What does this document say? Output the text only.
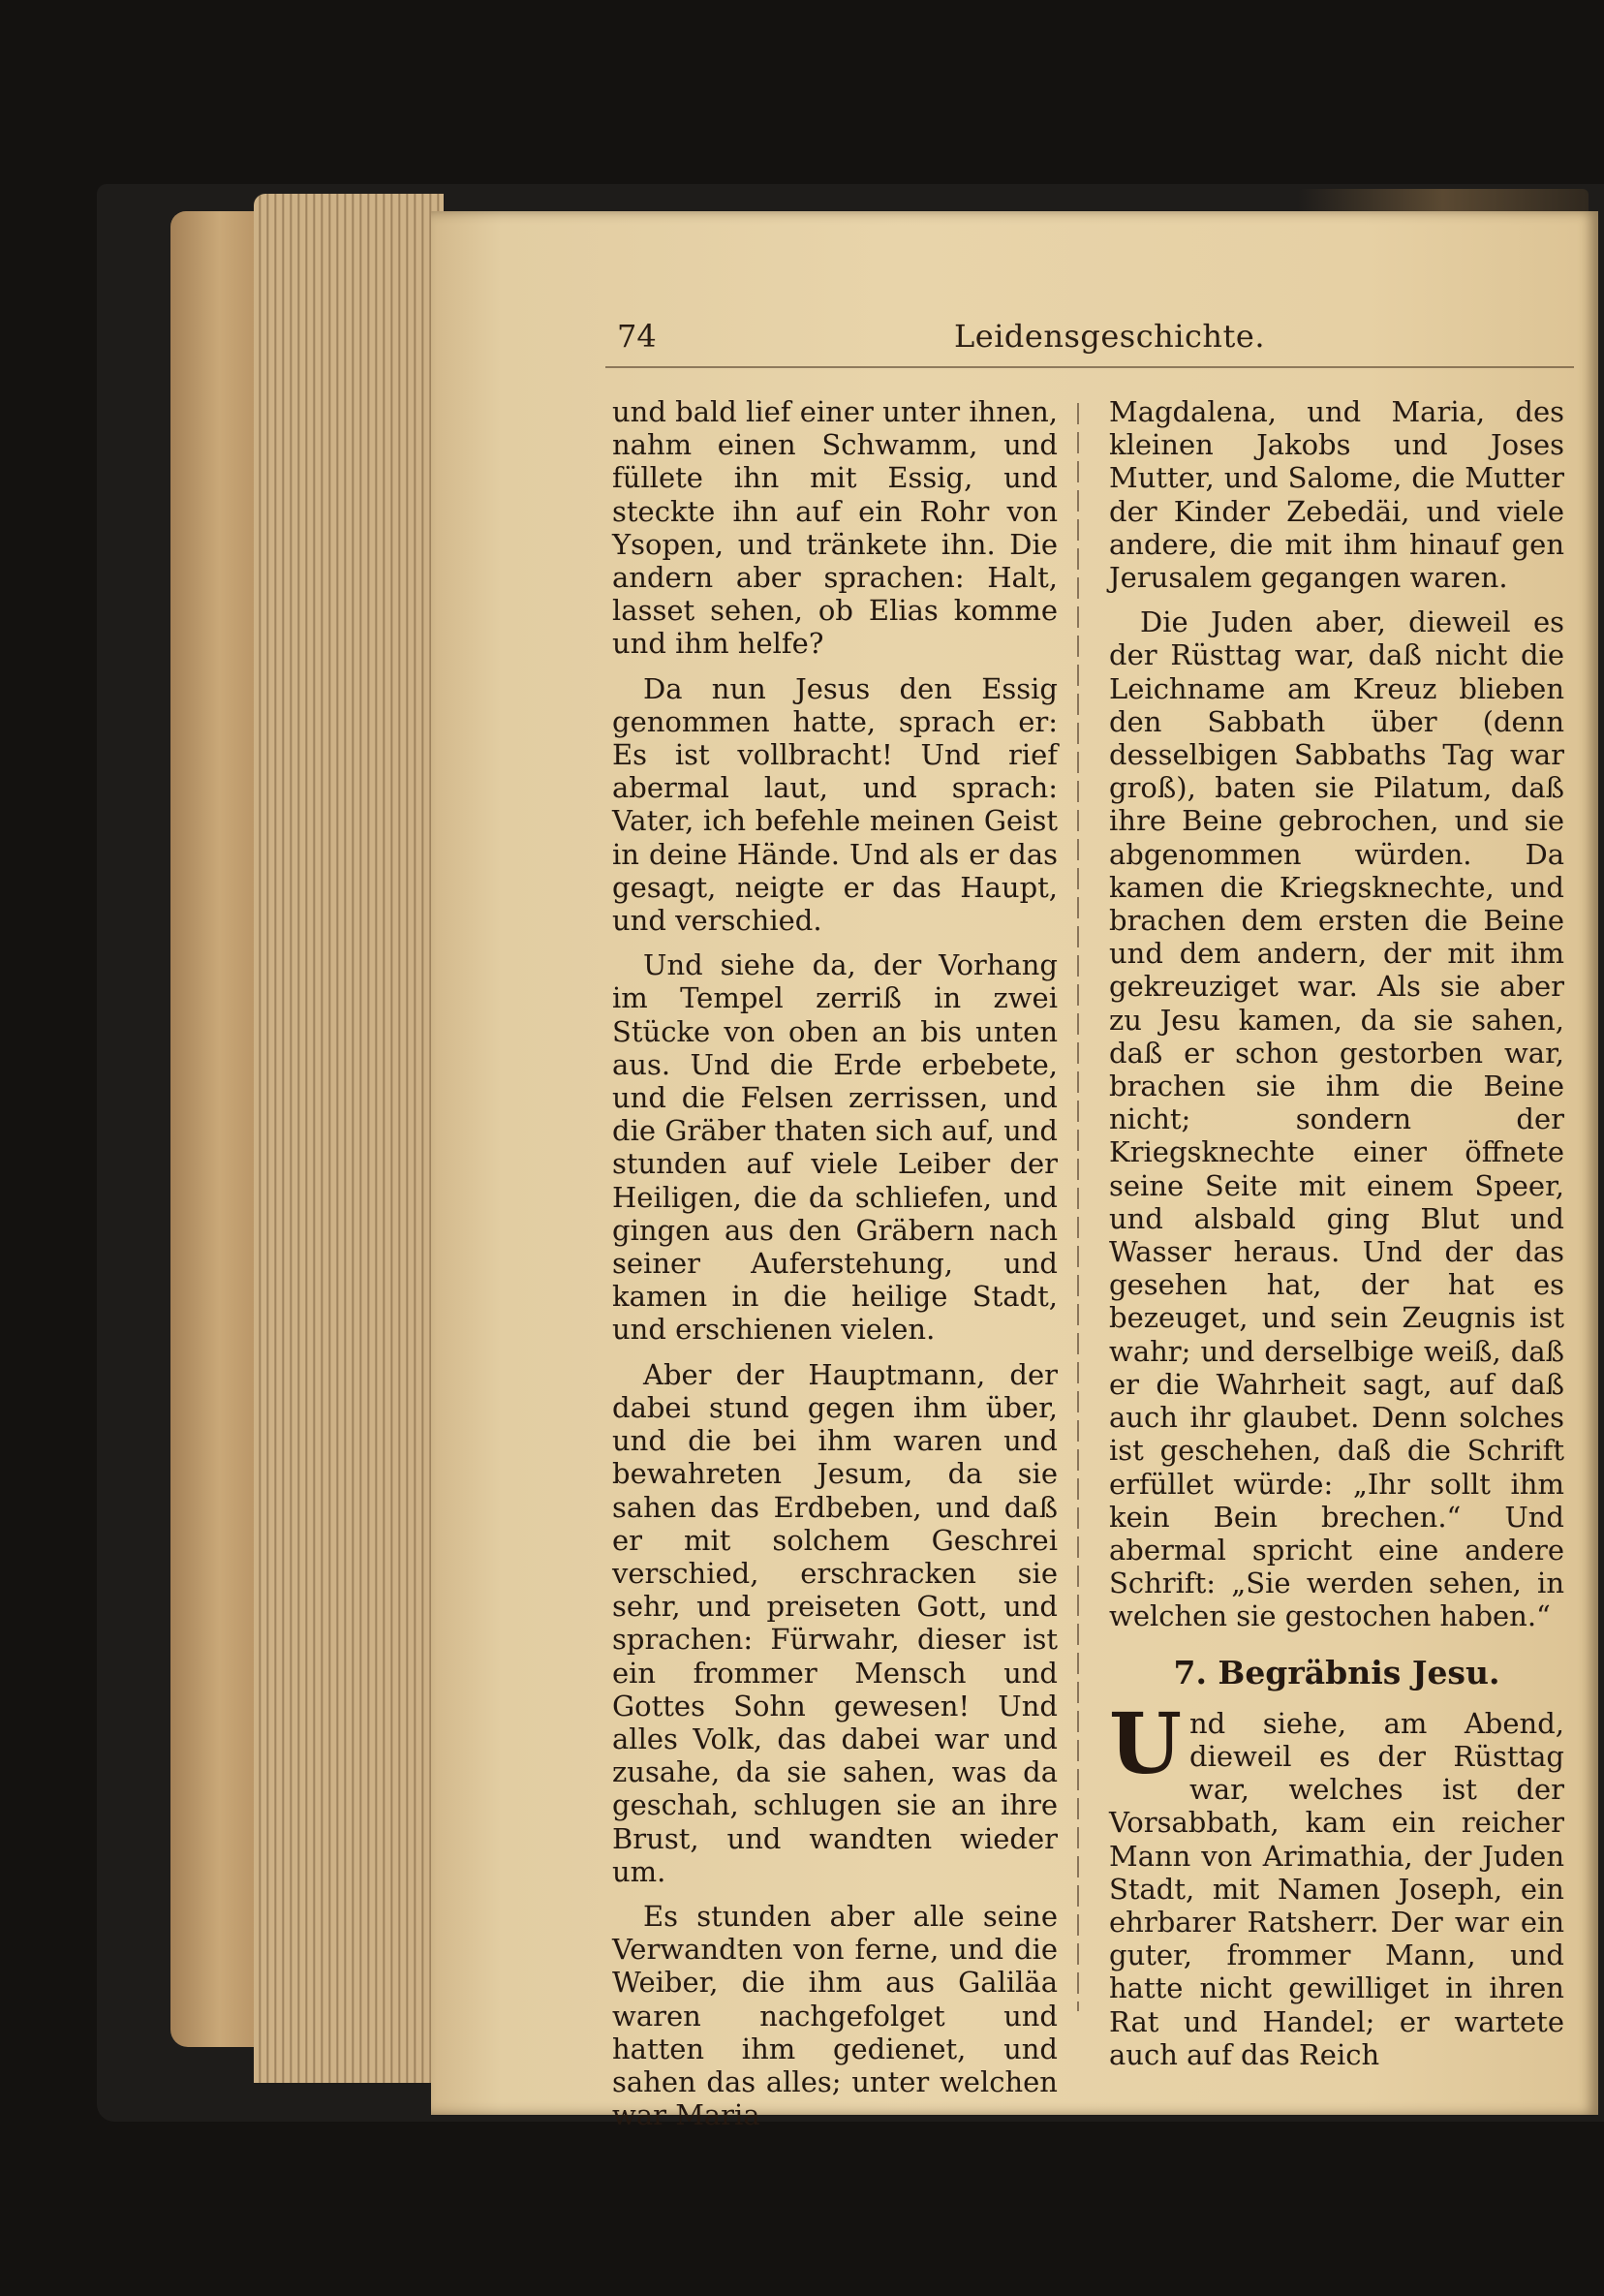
74	Leidensgeschichte.

und bald lief einer unter ihnen, nahm einen Schwamm, und füllete ihn mit Essig, und steckte ihn auf ein Rohr von Ysopen, und tränkete ihn. Die andern aber sprachen: Halt, lasset sehen, ob Elias komme und ihm helfe?

Da nun Jesus den Essig genommen hatte, sprach er: Es ist vollbracht! Und rief abermal laut, und sprach: Vater, ich befehle meinen Geist in deine Hände. Und als er das gesagt, neigte er das Haupt, und verschied.

Und siehe da, der Vorhang im Tempel zerriß in zwei Stücke von oben an bis unten aus. Und die Erde erbebete, und die Felsen zerrissen, und die Gräber thaten sich auf, und stunden auf viele Leiber der Heiligen, die da schliefen, und gingen aus den Gräbern nach seiner Auferstehung, und kamen in die heilige Stadt, und erschienen vielen.

Aber der Hauptmann, der dabei stund gegen ihm über, und die bei ihm waren und bewahreten Jesum, da sie sahen das Erdbeben, und daß er mit solchem Geschrei verschied, erschracken sie sehr, und preiseten Gott, und sprachen: Fürwahr, dieser ist ein frommer Mensch und Gottes Sohn gewesen! Und alles Volk, das dabei war und zusahe, da sie sahen, was da geschah, schlugen sie an ihre Brust, und wandten wieder um.

Es stunden aber alle seine Verwandten von ferne, und die Weiber, die ihm aus Galiläa waren nachgefolget und hatten ihm gedienet, und sahen das alles; unter welchen war Maria

Magdalena, und Maria, des kleinen Jakobs und Joses Mutter, und Salome, die Mutter der Kinder Zebedäi, und viele andere, die mit ihm hinauf gen Jerusalem gegangen waren.

Die Juden aber, dieweil es der Rüsttag war, daß nicht die Leichname am Kreuz blieben den Sabbath über (denn desselbigen Sabbaths Tag war groß), baten sie Pilatum, daß ihre Beine gebrochen, und sie abgenommen würden. Da kamen die Kriegsknechte, und brachen dem ersten die Beine und dem andern, der mit ihm gekreuziget war. Als sie aber zu Jesu kamen, da sie sahen, daß er schon gestorben war, brachen sie ihm die Beine nicht; sondern der Kriegsknechte einer öffnete seine Seite mit einem Speer, und alsbald ging Blut und Wasser heraus. Und der das gesehen hat, der hat es bezeuget, und sein Zeugnis ist wahr; und derselbige weiß, daß er die Wahrheit sagt, auf daß auch ihr glaubet. Denn solches ist geschehen, daß die Schrift erfüllet würde: „Ihr sollt ihm kein Bein brechen.“ Und abermal spricht eine andere Schrift: „Sie werden sehen, in welchen sie gestochen haben.“

7. Begräbnis Jesu.

Und siehe, am Abend, dieweil es der Rüsttag war, welches ist der Vorsabbath, kam ein reicher Mann von Arimathia, der Juden Stadt, mit Namen Joseph, ein ehrbarer Ratsherr. Der war ein guter, frommer Mann, und hatte nicht gewilliget in ihren Rat und Handel; er wartete auch auf das Reich
